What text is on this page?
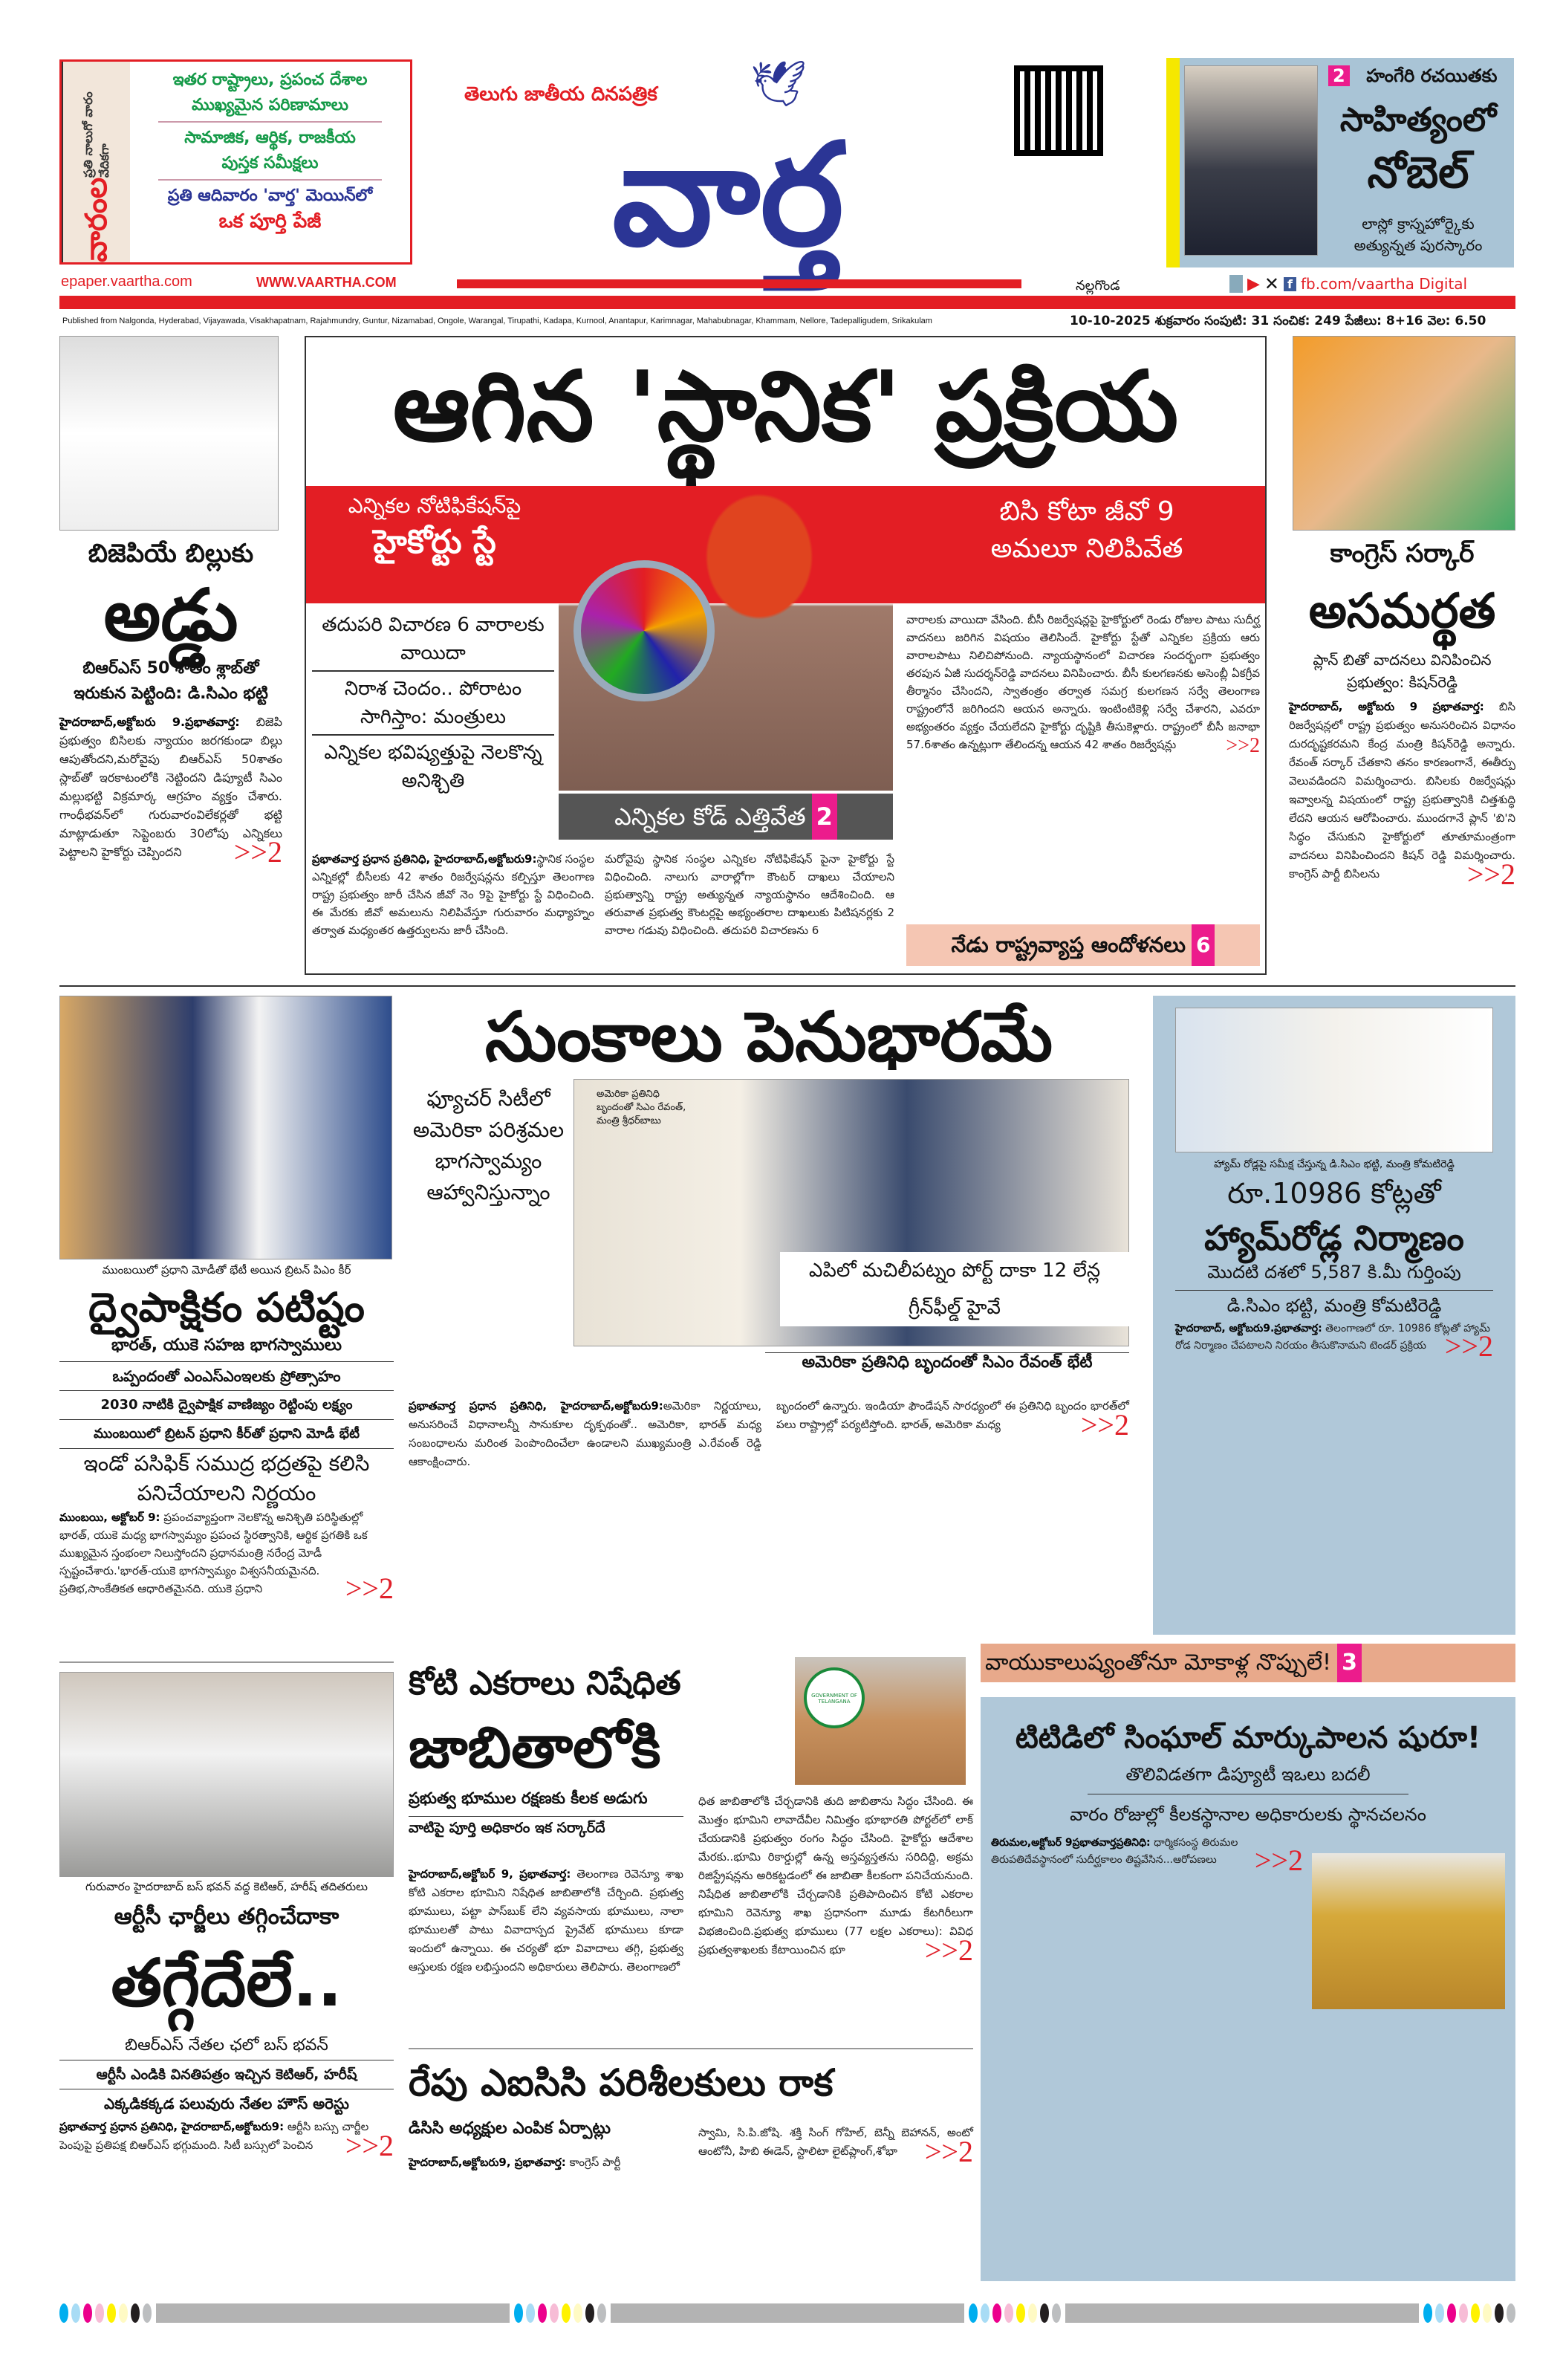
వారంల
ప్రతి నాలుగో వారం వేదికగా
ఇతర రాష్ట్రాలు, ప్రపంచ దేశాల
ముఖ్యమైన పరిణామాలు
సామాజిక, ఆర్థిక, రాజకీయ
పుస్తక సమీక్షలు
ప్రతి ఆదివారం 'వార్త' మెయిన్‌లో
ఒక పూర్తి పేజీ
epaper.vaartha.com	WWW.VAARTHA.COM
తెలుగు జాతీయ దినపత్రిక 🕊
వార్త
నల్లగొండ	▶ ✕ f fb.com/vaartha Digital
2 హంగేరి రచయితకు
సాహిత్యంలో
నోబెల్
లాస్లో క్రాస్నహోర్కైకు
అత్యున్నత పురస్కారం
Published from Nalgonda, Hyderabad, Vijayawada, Visakhapatnam, Rajahmundry, Guntur, Nizamabad, Ongole, Warangal, Tirupathi, Kadapa, Kurnool, Anantapur, Karimnagar, Mahabubnagar, Khammam, Nellore, Tadepalligudem, Srikakulam	10-10-2025 శుక్రవారం సంపుటి: 31 సంచిక: 249 పేజీలు: 8+16 వెల: 6.50
బిజెపియే బిల్లుకు
అడ్డు
బిఆర్‌ఎస్ 50 శాతం శ్లాబ్‌తో ఇరుకున పెట్టింది: డి.సిఎం భట్టి

హైదరాబాద్,అక్టోబరు 9.ప్రభాతవార్త: బిజెపి ప్రభుత్వం బిసిలకు న్యాయం జరగకుండా బిల్లు ఆపుతోందని,మరోవైపు బిఆర్‌ఎస్ 50శాతం స్లాబ్‌తో ఇరకాటంలోకి నెట్టిందని డిప్యూటీ సిఎం మల్లుభట్టి విక్రమార్క ఆగ్రహం వ్యక్తం చేశారు. గాంధీభవన్‌లో గురువారంవిలేకర్లతో భట్టి మాట్లాడుతూ సెప్టెంబరు 30లోపు ఎన్నికలు పెట్టాలని హైకోర్టు చెప్పిందని >>2

ఆగిన 'స్థానిక' ప్రక్రియ
ఎన్నికల నోటిఫికేషన్‌పై
హైకోర్టు స్టే
బిసి కోటా జీవో 9
అమలూ నిలిపివేత
తదుపరి విచారణ 6 వారాలకు వాయిదా
నిరాశ చెందం.. పోరాటం సాగిస్తాం: మంత్రులు
ఎన్నికల భవిష్యత్తుపై నెలకొన్న అనిశ్చితి
ఎన్నికల కోడ్ ఎత్తివేత 2
ప్రభాతవార్త ప్రధాన ప్రతినిధి, హైదరాబాద్,అక్టోబరు9:స్థానిక సంస్థల ఎన్నికల్లో బీసీలకు 42 శాతం రిజర్వేషన్లను కల్పిస్తూ తెలంగాణ రాష్ట్ర ప్రభుత్వం జారీ చేసిన జీవో నెం 9పై హైకోర్టు స్టే విధించింది. ఈ మేరకు జీవో అమలును నిలిపివేస్తూ గురువారం మధ్యాహ్నం తర్వాత మధ్యంతర ఉత్తర్వులను జారీ చేసింది.
మరోవైపు స్థానిక సంస్థల ఎన్నికల నోటిఫికేషన్ పైనా హైకోర్టు స్టే విధించింది. నాలుగు వారాల్లోగా కౌంటర్ దాఖలు చేయాలని ప్రభుత్వాన్ని రాష్ట్ర అత్యున్నత న్యాయస్థానం ఆదేశించింది. ఆ తరువాత ప్రభుత్వ కౌంటర్లపై అభ్యంతరాల దాఖలుకు పిటిషనర్లకు 2 వారాల గడువు విధించింది. తదుపరి విచారణను 6
వారాలకు వాయిదా వేసింది. బీసీ రిజర్వేషన్లపై హైకోర్టులో రెండు రోజుల పాటు సుదీర్ఘ వాదనలు జరిగిన విషయం తెలిసిందే. హైకోర్టు స్టేతో ఎన్నికల ప్రక్రియ ఆరు వారాలపాటు నిలిచిపోనుంది. న్యాయస్థానంలో విచారణ సందర్భంగా ప్రభుత్వం తరపున ఏజీ సుదర్శన్‌రెడ్డి వాదనలు వినిపించారు. బీసీ కులగణనకు అసెంబ్లీ ఏకగ్రీవ తీర్మానం చేసిందని, స్వాతంత్రం తర్వాత సమగ్ర కులగణన సర్వే తెలంగాణ రాష్ట్రంలోనే జరిగిందని ఆయన అన్నారు. ఇంటింటికెళ్లి సర్వే చేశారని, ఎవరూ అభ్యంతరం వ్యక్తం చేయలేదని హైకోర్టు దృష్టికి తీసుకెళ్లారు. రాష్ట్రంలో బీసీ జనాభా 57.6శాతం ఉన్నట్లుగా తేలిందన్న ఆయన 42 శాతం రిజర్వేషన్లు >>2
నేడు రాష్ట్రవ్యాప్త ఆందోళనలు 6
కాంగ్రెస్ సర్కార్
అసమర్థత
ప్లాన్ బితో వాదనలు వినిపించిన ప్రభుత్వం: కిషన్‌రెడ్డి

హైదరాబాద్, అక్టోబరు 9 ప్రభాతవార్త: బిసి రిజర్వేషన్లలో రాష్ట్ర ప్రభుత్వం అనుసరించిన విధానం దురదృష్టకరమని కేంద్ర మంత్రి కిషన్‌రెడ్డి అన్నారు. రేవంత్ సర్కార్ చేతకాని తనం కారణంగానే, ఈతీర్పు వెలువడిందని విమర్శించారు. బిసిలకు రిజర్వేషన్లు ఇవ్వాలన్న విషయంలో రాష్ట్ర ప్రభుత్వానికి చిత్తశుద్ధి లేదని ఆయన ఆరోపించారు. ముందగానే ప్లాన్ 'బి'ని సిద్ధం చేసుకుని హైకోర్టులో తూతూమంత్రంగా వాదనలు వినిపించిందని కిషన్ రెడ్డి విమర్శించారు. కాంగ్రెస్ పార్టీ బిసిలను	>>2

ముంబయిలో ప్రధాని మోడీతో భేటీ అయిన బ్రిటన్ పిఎం కీర్
ద్వైపాక్షికం పటిష్టం
భారత్, యుకె సహజ భాగస్వాములు
ఒప్పందంతో ఎంఎస్‌ఎంఇలకు ప్రోత్సాహం
2030 నాటికి ద్వైపాక్షిక వాణిజ్యం రెట్టింపు లక్ష్యం
ముంబయిలో బ్రిటన్ ప్రధాని కీర్‌తో ప్రధాని మోడీ భేటీ
ఇండో పసిఫిక్ సముద్ర భద్రతపై కలిసి పనిచేయాలని నిర్ణయం

ముంబయి, అక్టోబర్ 9: ప్రపంచవ్యాప్తంగా నెలకొన్న అనిశ్చితి పరిస్థితుల్లో భారత్, యుకె మధ్య భాగస్వామ్యం ప్రపంచ స్థిరత్వానికి, ఆర్థిక ప్రగతికి ఒక ముఖ్యమైన స్తంభంలా నిలుస్తోందని ప్రధానమంత్రి నరేంద్ర మోడీ స్పష్టంచేశారు.'భారత్-యుకె భాగస్వామ్యం విశ్వసనీయమైనది. ప్రతిభ,సాంకేతికత ఆధారితమైనది. యుకె ప్రధాని	>>2

సుంకాలు పెనుభారమే
ఫ్యూచర్ సిటీలో అమెరికా పరిశ్రమల భాగస్వామ్యం ఆహ్వానిస్తున్నాం
అమెరికా ప్రతినిధి బృందంతో సిఎం రేవంత్, మంత్రి శ్రీధర్‌బాబు
ఎపిలో మచిలీపట్నం పోర్ట్ దాకా 12 లేన్ల గ్రీన్‌ఫీల్డ్ హైవే
అమెరికా ప్రతినిధి బృందంతో సిఎం రేవంత్ భేటీ
ప్రభాతవార్త ప్రధాన ప్రతినిధి, హైదరాబాద్,అక్టోబరు9:అమెరికా నిర్ణయాలు, అనుసరించే విధానాలన్నీ సానుకూల దృక్పథంతో.. అమెరికా, భారత్ మధ్య సంబంధాలను మరింత పెంపొందించేలా ఉండాలని ముఖ్యమంత్రి ఎ.రేవంత్ రెడ్డి ఆకాంక్షించారు.
బృందంలో ఉన్నారు. ఇండియా ఫౌండేషన్ సారధ్యంలో ఈ ప్రతినిధి బృందం భారత్‌లో పలు రాష్ట్రాల్లో పర్యటిస్తోంది. భారత్, అమెరికా మధ్య	>>2
హ్యామ్ రోడ్లపై సమీక్ష చేస్తున్న డి.సిఎం భట్టి, మంత్రి కోమటిరెడ్డి
రూ.10986 కోట్లతో
హ్యామ్‌రోడ్ల నిర్మాణం
మొదటి దశలో 5,587 కి.మీ గుర్తింపు
డి.సిఎం భట్టి, మంత్రి కోమటిరెడ్డి

హైదరాబాద్, అక్టోబరు9.ప్రభాతవార్త: తెలంగాణలో రూ. 10986 కోట్లతో హ్యామ్ రోడ నిర్మాణం చేపటాలని నిరయం తీసుకొనామని టెండర్ ప్రక్రియ >>2

గురువారం హైదరాబాద్ బస్ భవన్ వద్ద కెటిఆర్, హరీష్ తదితరులు
ఆర్టీసీ ఛార్జీలు తగ్గించేదాకా
తగ్గేదేలే..
బిఆర్‌ఎస్ నేతల ఛలో బస్ భవన్
ఆర్టీసీ ఎండికి వినతిపత్రం ఇచ్చిన కెటిఆర్, హరీష్
ఎక్కడికక్కడ పలువురు నేతల హౌస్ అరెస్టు

ప్రభాతవార్త ప్రధాన ప్రతినిధి, హైదరాబాద్,అక్టోబరు9: ఆర్టీసి బస్సు చార్జీల పెంపుపై ప్రతిపక్ష బిఆర్‌ఎస్ భగ్గుమంది. సిటీ బస్సులో పెంచిన >>2

కోటి ఎకరాలు నిషేధిత
జాబితాలోకి
GOVERNMENT OF TELANGANA
ప్రభుత్వ భూముల రక్షణకు కీలక అడుగు
వాటిపై పూర్తి అధికారం ఇక సర్కార్‌దే
హైదరాబాద్,అక్టోబర్ 9, ప్రభాతవార్త: తెలంగాణ రెవెన్యూ శాఖ కోటి ఎకరాల భూమిని నిషేధిత జాబితాలోకి చేర్చింది. ప్రభుత్వ భూములు, పట్టా పాస్‌బుక్ లేని వ్యవసాయ భూములు, నాలా భూములతో పాటు వివాదాస్పద ప్రైవేట్ భూములు కూడా ఇందులో ఉన్నాయి. ఈ చర్యతో భూ వివాదాలు తగ్గి, ప్రభుత్వ ఆస్తులకు రక్షణ లభిస్తుందని అధికారులు తెలిపారు. తెలంగాణలో
ధిత జాబితాలోకి చేర్చడానికి తుది జాబితాను సిద్ధం చేసింది. ఈ మొత్తం భూమిని లావాదేవీల నిమిత్తం భూభారతి పోర్టల్‌లో లాక్ చేయడానికి ప్రభుత్వం రంగం సిద్ధం చేసింది. హైకోర్టు ఆదేశాల మేరకు..భూమి రికార్డుల్లో ఉన్న అస్తవ్యస్తతను సరిదిద్ది, అక్రమ రిజిస్ట్రేషన్లను అరికట్టడంలో ఈ జాబితా కీలకంగా పనిచేయనుంది. నిషేధిత జాబితాలోకి చేర్చడానికి ప్రతిపాదించిన కోటి ఎకరాల భూమిని రెవెన్యూ శాఖ ప్రధానంగా మూడు కేటగిరీలుగా విభజించింది.ప్రభుత్వ భూములు (77 లక్షల ఎకరాలు): వివిధ ప్రభుత్వశాఖలకు కేటాయించిన భూ	>>2
రేపు ఎఐసిసి పరిశీలకులు రాక
డిసిసి అధ్యక్షుల ఎంపిక ఏర్పాట్లు
హైదరాబాద్,అక్టోబరు9, ప్రభాతవార్త: కాంగ్రెస్ పార్టీ
స్వామి, సి.పి.జోషి. శక్తి సింగ్ గోహిల్, బెన్నీ బెహానన్, అంటో ఆంటోనీ, హిబి ఈడెన్, స్టాలిటా లైట్‌ప్లాంగ్,శోభా >>2
వాయుకాలుష్యంతోనూ మోకాళ్ల నొప్పులే! 3
టిటిడిలో సింఘాల్ మార్కుపాలన షురూ!
తొలివిడతగా డిప్యూటీ ఇఒలు బదలీ
వారం రోజుల్లో కీలకస్థానాల అధికారులకు స్థానచలనం

తిరుమల,అక్టోబర్ 9ప్రభాతవార్తప్రతినిధి: ధార్మికసంస్థ తిరుమల తిరుపతిదేవస్థానంలో సుదీర్ఘకాలం తిష్టవేసిన...ఆరోపణలు >>2
